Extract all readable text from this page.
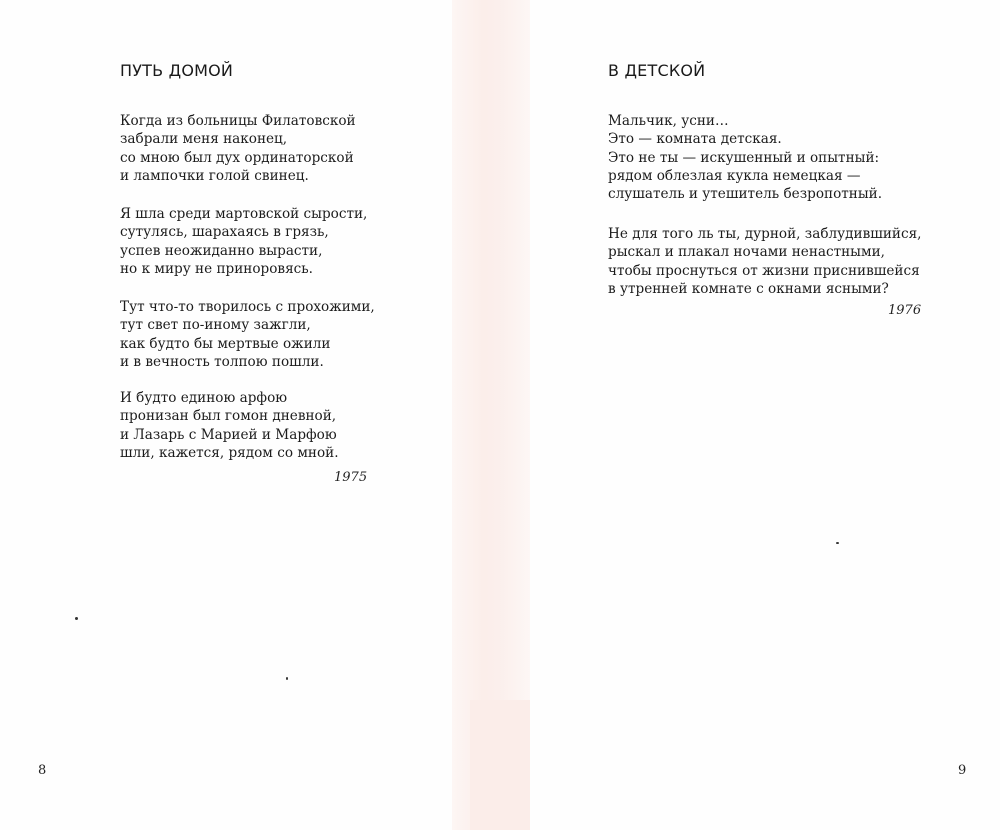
ПУТЬ ДОМОЙ
Когда из больницы Филатовской
забрали меня наконец,
со мною был дух ординаторской
и лампочки голой свинец.
Я шла среди мартовской сырости,
сутулясь, шарахаясь в грязь,
успев неожиданно вырасти,
но к миру не приноровясь.
Тут что-то творилось с прохожими,
тут свет по-иному зажгли,
как будто бы мертвые ожили
и в вечность толпою пошли.
И будто единою арфою
пронизан был гомон дневной,
и Лазарь с Марией и Марфою
шли, кажется, рядом со мной.
1975
8
В ДЕТСКОЙ
Мальчик, усни…
Это — комната детская.
Это не ты — искушенный и опытный:
рядом облезлая кукла немецкая —
слушатель и утешитель безропотный.
Не для того ль ты, дурной, заблудившийся,
рыскал и плакал ночами ненастными,
чтобы проснуться от жизни приснившейся
в утренней комнате с окнами ясными?
1976
9
